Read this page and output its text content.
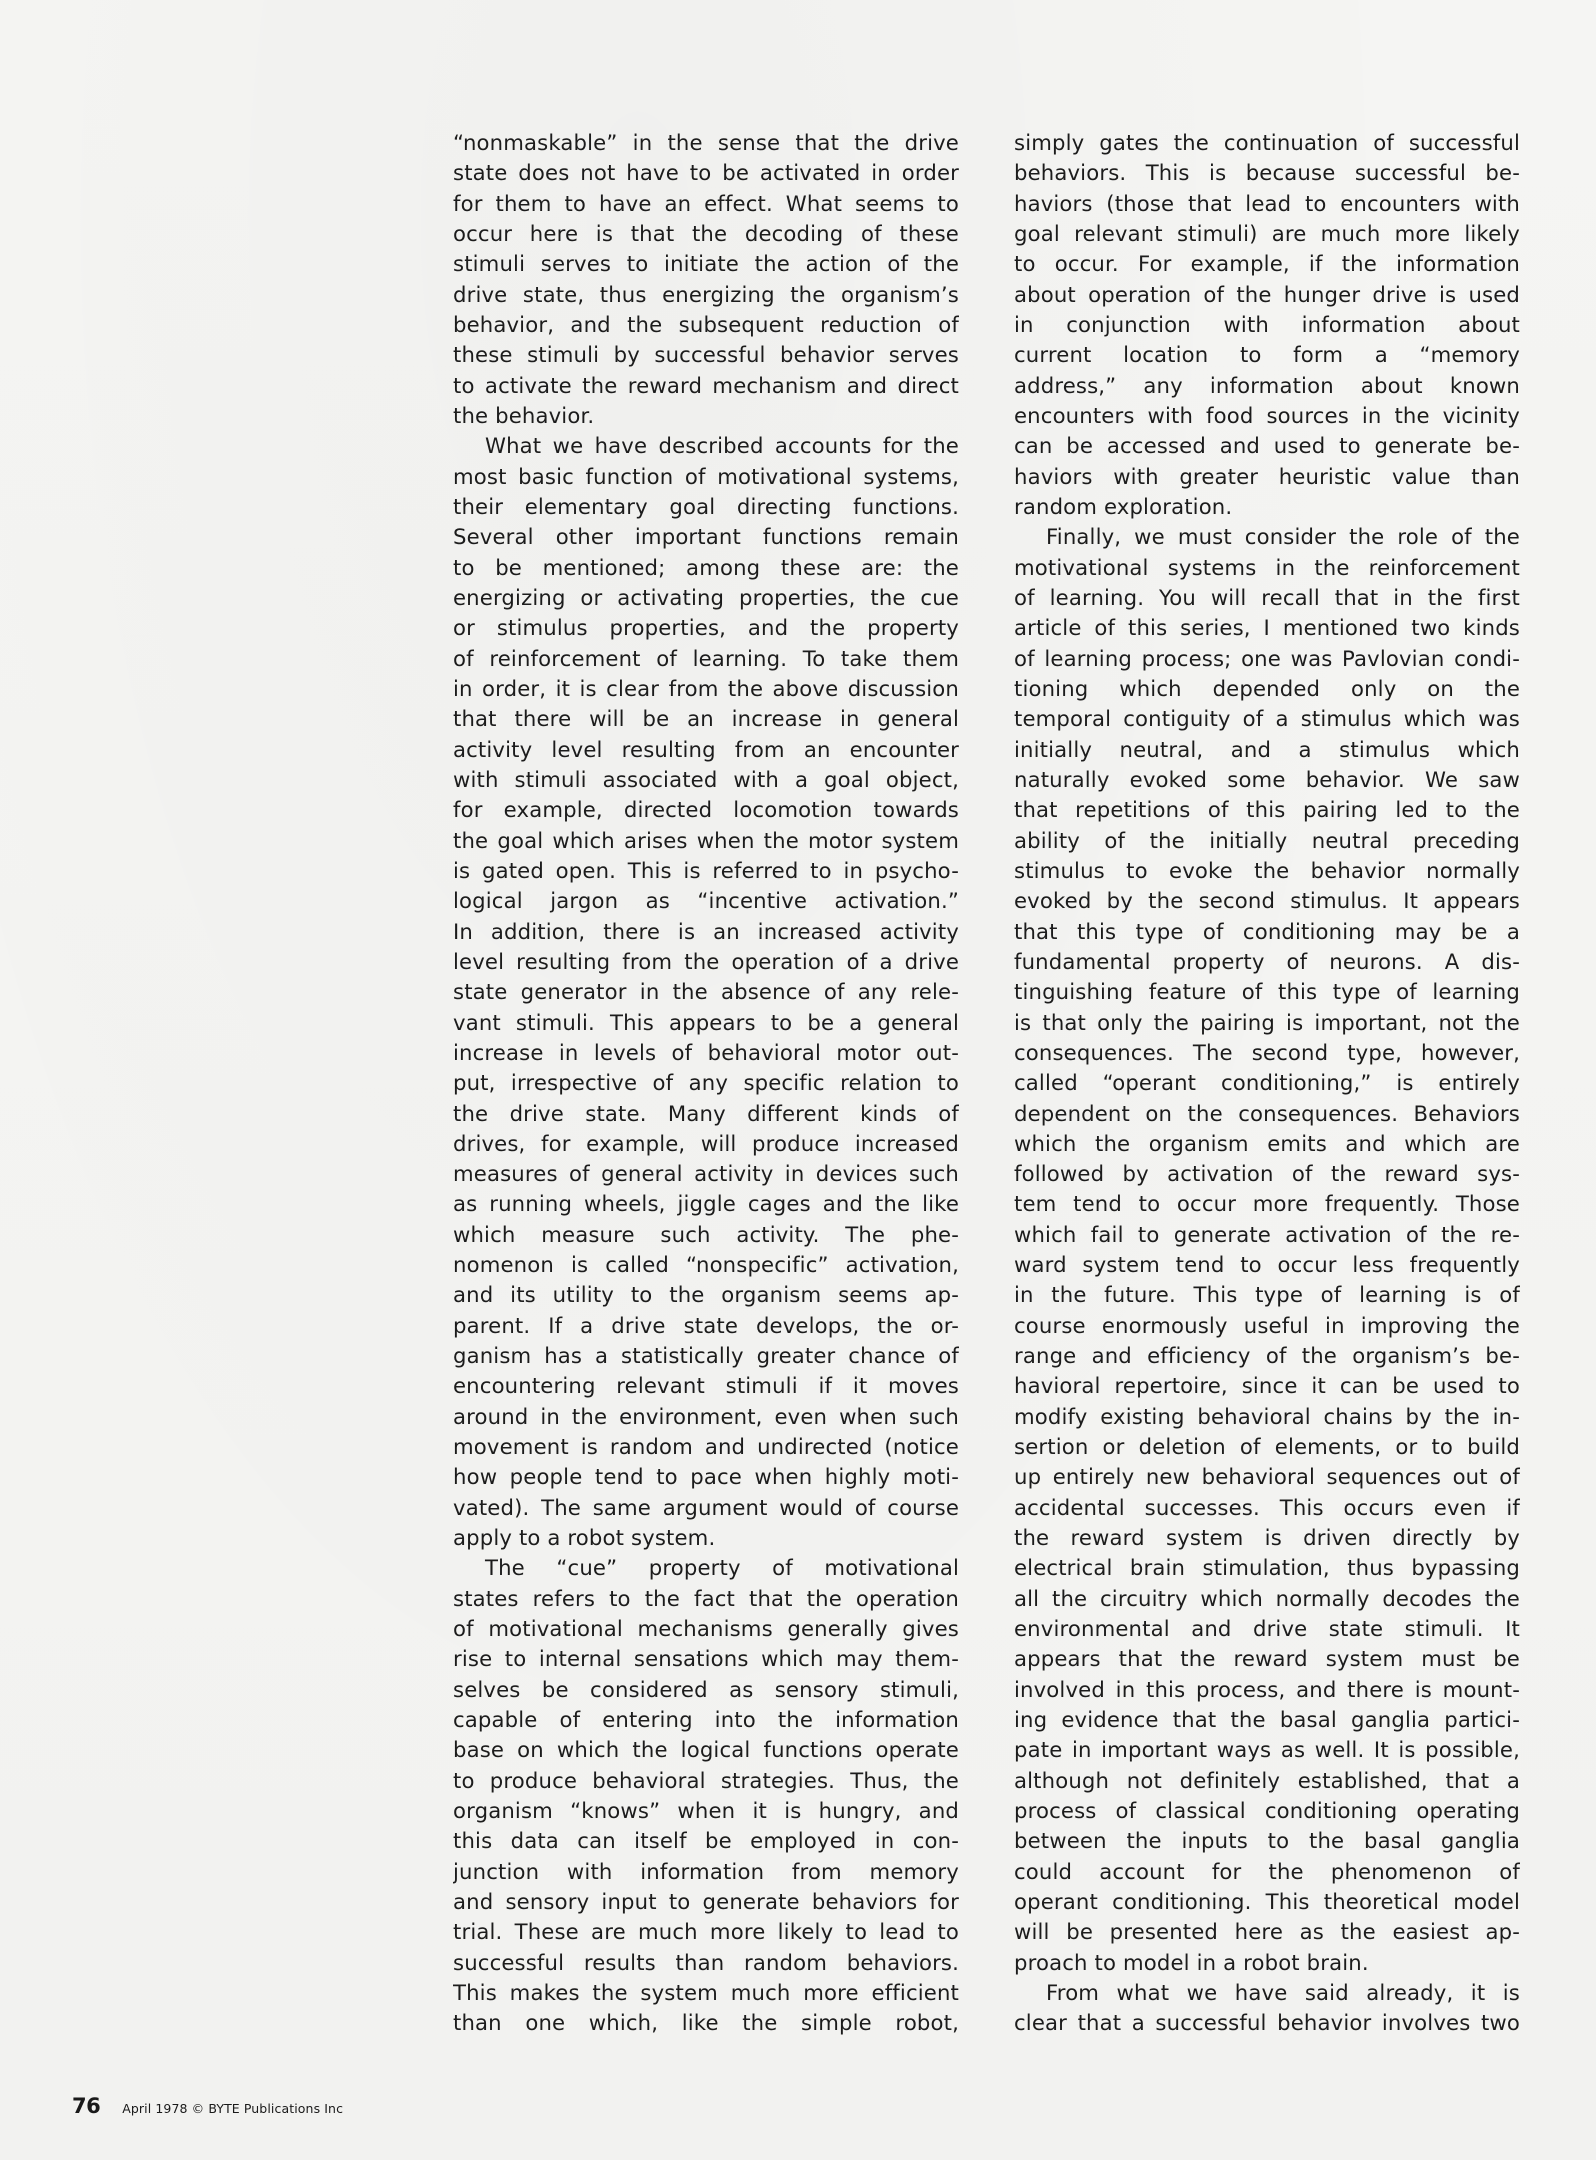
“nonmaskable” in the sense that the drive
state does not have to be activated in order
for them to have an effect. What seems to
occur here is that the decoding of these
stimuli serves to initiate the action of the
drive state, thus energizing the organism’s
behavior, and the subsequent reduction of
these stimuli by successful behavior serves
to activate the reward mechanism and direct
the behavior.
What we have described accounts for the
most basic function of motivational systems,
their elementary goal directing functions.
Several other important functions remain
to be mentioned; among these are: the
energizing or activating properties, the cue
or stimulus properties, and the property
of reinforcement of learning. To take them
in order, it is clear from the above discussion
that there will be an increase in general
activity level resulting from an encounter
with stimuli associated with a goal object,
for example, directed locomotion towards
the goal which arises when the motor system
is gated open. This is referred to in psycho-
logical jargon as “incentive activation.”
In addition, there is an increased activity
level resulting from the operation of a drive
state generator in the absence of any rele-
vant stimuli. This appears to be a general
increase in levels of behavioral motor out-
put, irrespective of any specific relation to
the drive state. Many different kinds of
drives, for example, will produce increased
measures of general activity in devices such
as running wheels, jiggle cages and the like
which measure such activity. The phe-
nomenon is called “nonspecific” activation,
and its utility to the organism seems ap-
parent. If a drive state develops, the or-
ganism has a statistically greater chance of
encountering relevant stimuli if it moves
around in the environment, even when such
movement is random and undirected (notice
how people tend to pace when highly moti-
vated). The same argument would of course
apply to a robot system.
The “cue” property of motivational
states refers to the fact that the operation
of motivational mechanisms generally gives
rise to internal sensations which may them-
selves be considered as sensory stimuli,
capable of entering into the information
base on which the logical functions operate
to produce behavioral strategies. Thus, the
organism “knows” when it is hungry, and
this data can itself be employed in con-
junction with information from memory
and sensory input to generate behaviors for
trial. These are much more likely to lead to
successful results than random behaviors.
This makes the system much more efficient
than one which, like the simple robot,
simply gates the continuation of successful
behaviors. This is because successful be-
haviors (those that lead to encounters with
goal relevant stimuli) are much more likely
to occur. For example, if the information
about operation of the hunger drive is used
in conjunction with information about
current location to form a “memory
address,” any information about known
encounters with food sources in the vicinity
can be accessed and used to generate be-
haviors with greater heuristic value than
random exploration.
Finally, we must consider the role of the
motivational systems in the reinforcement
of learning. You will recall that in the first
article of this series, I mentioned two kinds
of learning process; one was Pavlovian condi-
tioning which depended only on the
temporal contiguity of a stimulus which was
initially neutral, and a stimulus which
naturally evoked some behavior. We saw
that repetitions of this pairing led to the
ability of the initially neutral preceding
stimulus to evoke the behavior normally
evoked by the second stimulus. It appears
that this type of conditioning may be a
fundamental property of neurons. A dis-
tinguishing feature of this type of learning
is that only the pairing is important, not the
consequences. The second type, however,
called “operant conditioning,” is entirely
dependent on the consequences. Behaviors
which the organism emits and which are
followed by activation of the reward sys-
tem tend to occur more frequently. Those
which fail to generate activation of the re-
ward system tend to occur less frequently
in the future. This type of learning is of
course enormously useful in improving the
range and efficiency of the organism’s be-
havioral repertoire, since it can be used to
modify existing behavioral chains by the in-
sertion or deletion of elements, or to build
up entirely new behavioral sequences out of
accidental successes. This occurs even if
the reward system is driven directly by
electrical brain stimulation, thus bypassing
all the circuitry which normally decodes the
environmental and drive state stimuli. It
appears that the reward system must be
involved in this process, and there is mount-
ing evidence that the basal ganglia partici-
pate in important ways as well. It is possible,
although not definitely established, that a
process of classical conditioning operating
between the inputs to the basal ganglia
could account for the phenomenon of
operant conditioning. This theoretical model
will be presented here as the easiest ap-
proach to model in a robot brain.
From what we have said already, it is
clear that a successful behavior involves two
76 April 1978 © BYTE Publications Inc
